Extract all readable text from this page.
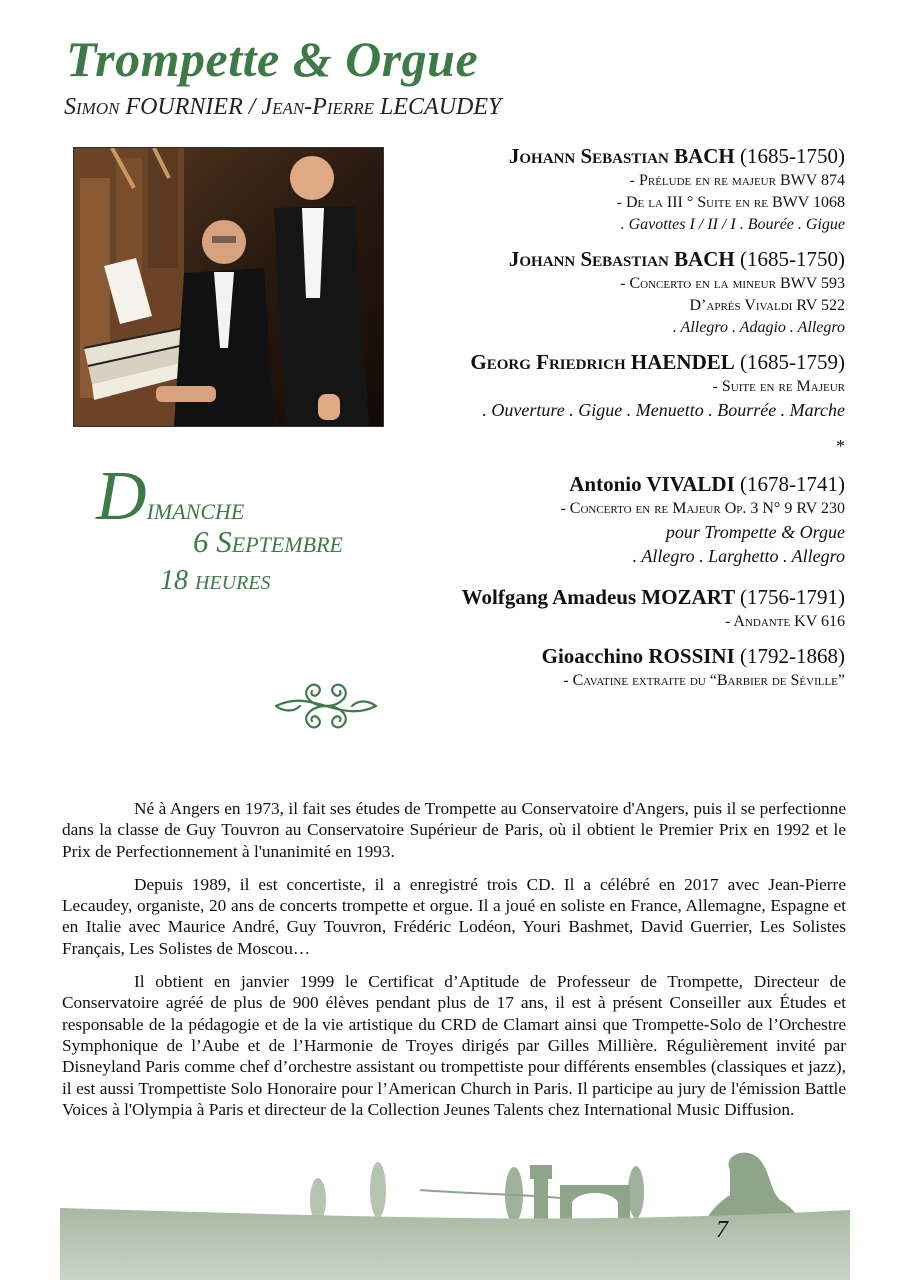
Trompette & Orgue
Simon FOURNIER / Jean-Pierre LECAUDEY
Johann Sebastian BACH (1685-1750)
- Prélude en re majeur BWV 874
- De la III ° Suite en re BWV 1068
. Gavottes I / II / I . Bourée . Gigue
Johann Sebastian BACH (1685-1750)
- Concerto en la mineur BWV 593
D’après Vivaldi RV 522
. Allegro . Adagio . Allegro
Georg Friedrich HAENDEL (1685-1759)
- Suite en re Majeur
. Ouverture . Gigue . Menuetto . Bourrée . Marche
*
Antonio VIVALDI (1678-1741)
- Concerto en re Majeur Op. 3 N° 9 RV 230
pour Trompette & Orgue
. Allegro . Larghetto . Allegro
Wolfgang Amadeus MOZART (1756-1791)
- Andante KV 616
Gioacchino ROSSINI (1792-1868)
- Cavatine extraite du “Barbier de Séville”
Dimanche
6 Septembre
18 heures

Né à Angers en 1973, il fait ses études de Trompette au Conservatoire d'Angers, puis il se perfectionne dans la classe de Guy Touvron au Conservatoire Supérieur de Paris, où il obtient le Premier Prix en 1992 et le Prix de Perfectionnement à l'unanimité en 1993.

Depuis 1989, il est concertiste, il a enregistré trois CD. Il a célébré en 2017 avec Jean-Pierre Lecaudey, organiste, 20 ans de concerts trompette et orgue. Il a joué en soliste en France, Allemagne, Espagne et en Italie avec Maurice André, Guy Touvron, Frédéric Lodéon, Youri Bashmet, David Guerrier, Les Solistes Français, Les Solistes de Moscou…

Il obtient en janvier 1999 le Certificat d’Aptitude de Professeur de Trompette, Directeur de Conservatoire agréé de plus de 900 élèves pendant plus de 17 ans, il est à présent Conseiller aux Études et responsable de la pédagogie et de la vie artistique du CRD de Clamart ainsi que Trompette-Solo de l’Orchestre Symphonique de l’Aube et de l’Harmonie de Troyes dirigés par Gilles Millière. Régulièrement invité par Disneyland Paris comme chef d’orchestre assistant ou trompettiste pour différents ensembles (classiques et jazz), il est aussi Trompettiste Solo Honoraire pour l’American Church in Paris. Il participe au jury de l'émission Battle Voices à l'Olympia à Paris et directeur de la Collection Jeunes Talents chez International Music Diffusion.

7
